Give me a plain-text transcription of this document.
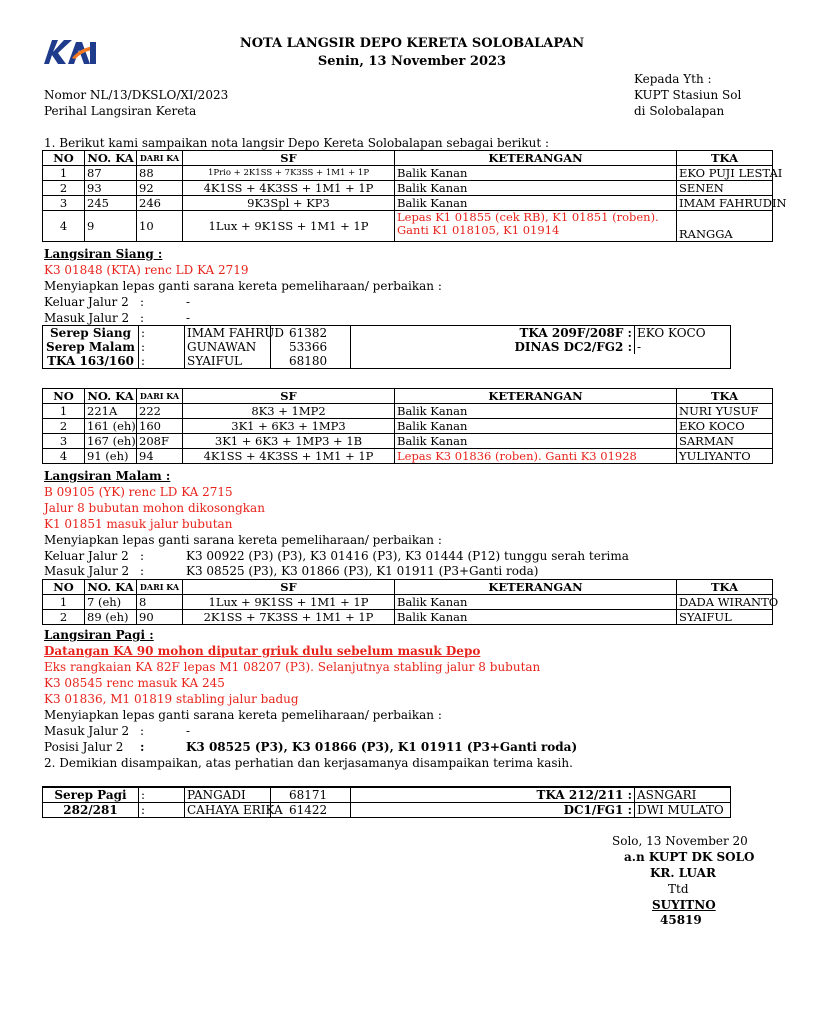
NOTA LANGSIR DEPO KERETA SOLOBALAPAN
Senin, 13 November 2023
Kepada Yth :
KUPT Stasiun Sol
di Solobalapan
Nomor NL/13/DKSLO/XI/2023
Perihal Langsiran Kereta
1. Berikut kami sampaikan nota langsir Depo Kereta Solobalapan sebagai berikut :
NO	NO. KA	DARI KA	SF	KETERANGAN	TKA
1	87	88	1Prio + 2K1SS + 7K3SS + 1M1 + 1P	Balik Kanan	EKO PUJI LESTAI
2	93	92	4K1SS + 4K3SS + 1M1 + 1P	Balik Kanan	SENEN
3	245	246	9K3Spl + KP3	Balik Kanan	IMAM FAHRUDIN
4	9	10	1Lux + 9K1SS + 1M1 + 1P	Lepas K1 01855 (cek RB), K1 01851 (roben). Ganti K1 018105, K1 01914	RANGGA
Langsiran Siang :
K3 01848 (KTA) renc LD KA 2719
Menyiapkan lepas ganti sarana kereta pemeliharaan/ perbaikan :
Keluar Jalur 2 :	-
Masuk Jalur 2 :	-
Serep Siang	:	IMAM FAHRUD	61382	TKA 209F/208F :	EKO KOCO
Serep Malam	:	GUNAWAN	53366	DINAS DC2/FG2 :	-
TKA 163/160	:	SYAIFUL	68180		
NO	NO. KA	DARI KA	SF	KETERANGAN	TKA
1	221A	222	8K3 + 1MP2	Balik Kanan	NURI YUSUF
2	161 (eh)	160	3K1 + 6K3 + 1MP3	Balik Kanan	EKO KOCO
3	167 (eh)	208F	3K1 + 6K3 + 1MP3 + 1B	Balik Kanan	SARMAN
4	91 (eh)	94	4K1SS + 4K3SS + 1M1 + 1P	Lepas K3 01836 (roben). Ganti K3 01928	YULIYANTO
Langsiran Malam :
B 09105 (YK) renc LD KA 2715
Jalur 8 bubutan mohon dikosongkan
K1 01851 masuk jalur bubutan
Menyiapkan lepas ganti sarana kereta pemeliharaan/ perbaikan :
Keluar Jalur 2 :	K3 00922 (P3) (P3), K3 01416 (P3), K3 01444 (P12) tunggu serah terima
Masuk Jalur 2 :	K3 08525 (P3), K3 01866 (P3), K1 01911 (P3+Ganti roda)
NO	NO. KA	DARI KA	SF	KETERANGAN	TKA
1	7 (eh)	8	1Lux + 9K1SS + 1M1 + 1P	Balik Kanan	DADA WIRANTO
2	89 (eh)	90	2K1SS + 7K3SS + 1M1 + 1P	Balik Kanan	SYAIFUL
Langsiran Pagi :
Datangan KA 90 mohon diputar griuk dulu sebelum masuk Depo
Eks rangkaian KA 82F lepas M1 08207 (P3). Selanjutnya stabling jalur 8 bubutan
K3 08545 renc masuk KA 245
K3 01836, M1 01819 stabling jalur badug
Menyiapkan lepas ganti sarana kereta pemeliharaan/ perbaikan :
Masuk Jalur 2 :	-
Posisi Jalur 2 :	K3 08525 (P3), K3 01866 (P3), K1 01911 (P3+Ganti roda)
2. Demikian disampaikan, atas perhatian dan kerjasamanya disampaikan terima kasih.
Serep Pagi	:	PANGADI	68171	TKA 212/211 :	ASNGARI
282/281	:	CAHAYA ERIKA	61422	DC1/FG1 :	DWI MULATO
Solo, 13 November 20
a.n KUPT DK SOLO
KR. LUAR
Ttd
SUYITNO
45819
